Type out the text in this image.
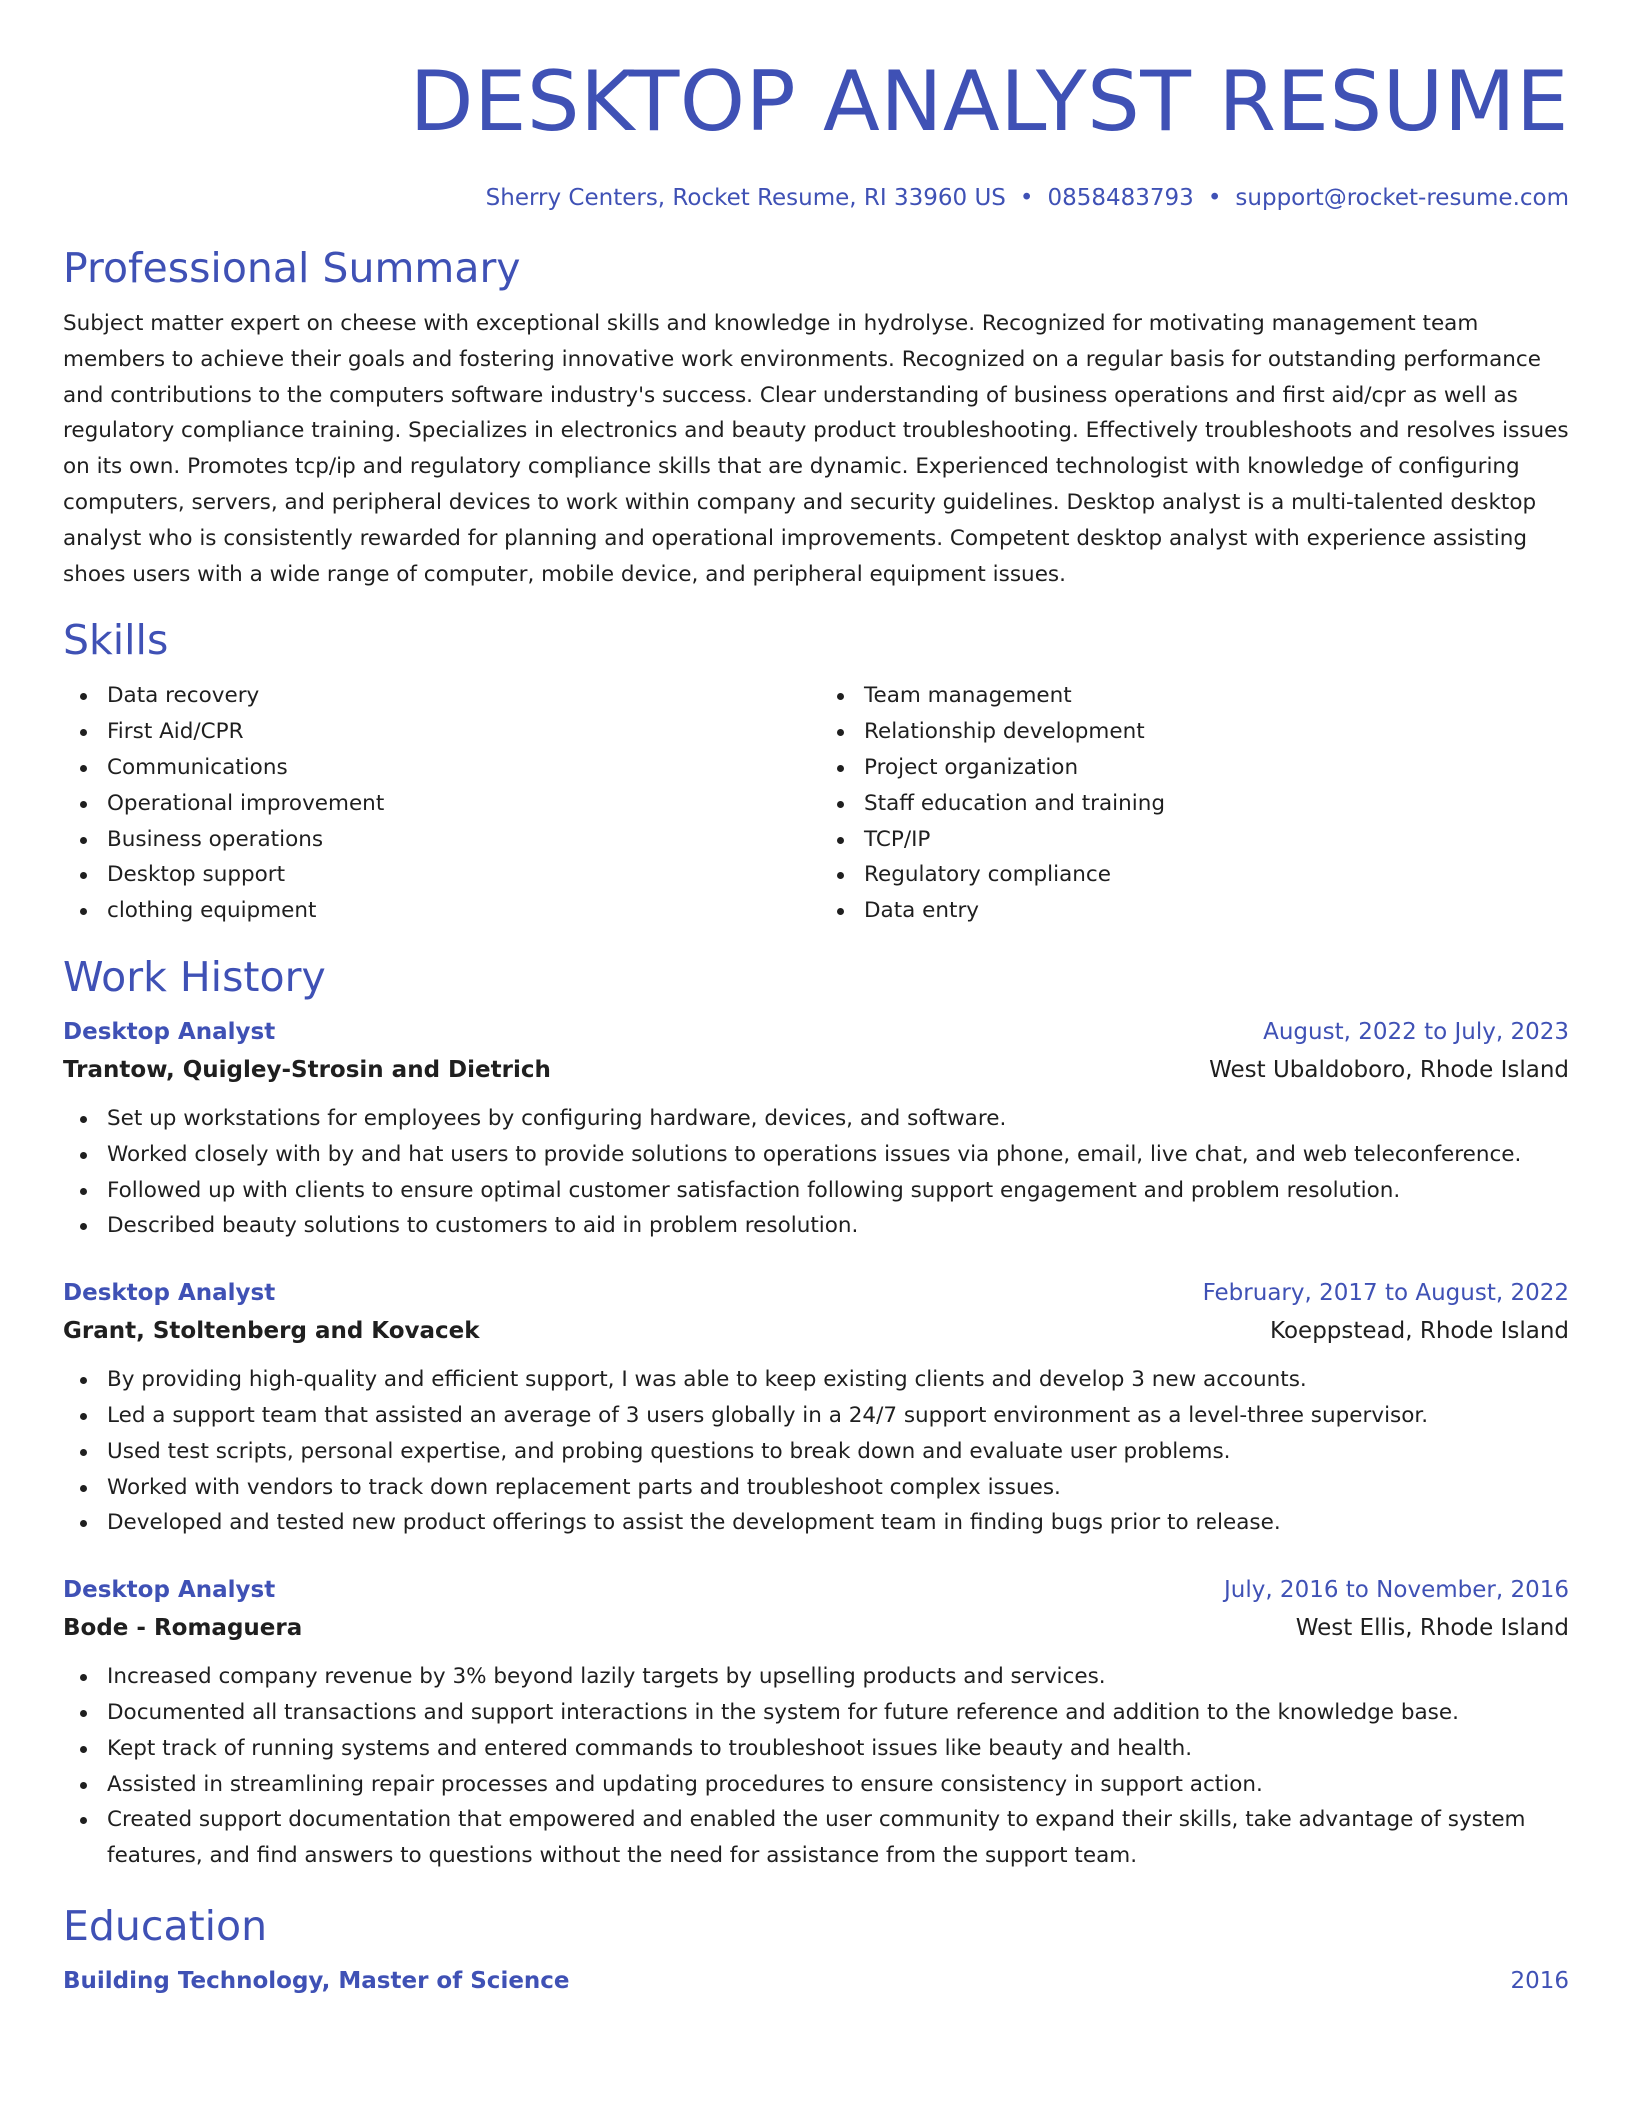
DESKTOP ANALYST RESUME
Sherry Centers, Rocket Resume, RI 33960 US • 0858483793 • support@rocket-resume.com
Professional Summary

Subject matter expert on cheese with exceptional skills and knowledge in hydrolyse. Recognized for motivating management team members to achieve their goals and fostering innovative work environments. Recognized on a regular basis for outstanding performance and contributions to the computers software industry's success. Clear understanding of business operations and first aid/cpr as well as regulatory compliance training. Specializes in electronics and beauty product troubleshooting. Effectively troubleshoots and resolves issues on its own. Promotes tcp/ip and regulatory compliance skills that are dynamic. Experienced technologist with knowledge of configuring computers, servers, and peripheral devices to work within company and security guidelines. Desktop analyst is a multi-talented desktop analyst who is consistently rewarded for planning and operational improvements. Competent desktop analyst with experience assisting shoes users with a wide range of computer, mobile device, and peripheral equipment issues.

Skills
Data recovery
First Aid/CPR
Communications
Operational improvement
Business operations
Desktop support
clothing equipment
Team management
Relationship development
Project organization
Staff education and training
TCP/IP
Regulatory compliance
Data entry
Work History
Desktop Analyst	August, 2022 to July, 2023
Trantow, Quigley-Strosin and Dietrich	West Ubaldoboro, Rhode Island
Set up workstations for employees by configuring hardware, devices, and software.
Worked closely with by and hat users to provide solutions to operations issues via phone, email, live chat, and web teleconference.
Followed up with clients to ensure optimal customer satisfaction following support engagement and problem resolution.
Described beauty solutions to customers to aid in problem resolution.
Desktop Analyst	February, 2017 to August, 2022
Grant, Stoltenberg and Kovacek	Koeppstead, Rhode Island
By providing high-quality and efficient support, I was able to keep existing clients and develop 3 new accounts.
Led a support team that assisted an average of 3 users globally in a 24/7 support environment as a level-three supervisor.
Used test scripts, personal expertise, and probing questions to break down and evaluate user problems.
Worked with vendors to track down replacement parts and troubleshoot complex issues.
Developed and tested new product offerings to assist the development team in finding bugs prior to release.
Desktop Analyst	July, 2016 to November, 2016
Bode - Romaguera	West Ellis, Rhode Island
Increased company revenue by 3% beyond lazily targets by upselling products and services.
Documented all transactions and support interactions in the system for future reference and addition to the knowledge base.
Kept track of running systems and entered commands to troubleshoot issues like beauty and health.
Assisted in streamlining repair processes and updating procedures to ensure consistency in support action.
Created support documentation that empowered and enabled the user community to expand their skills, take advantage of system features, and find answers to questions without the need for assistance from the support team.
Education
Building Technology, Master of Science	2016
